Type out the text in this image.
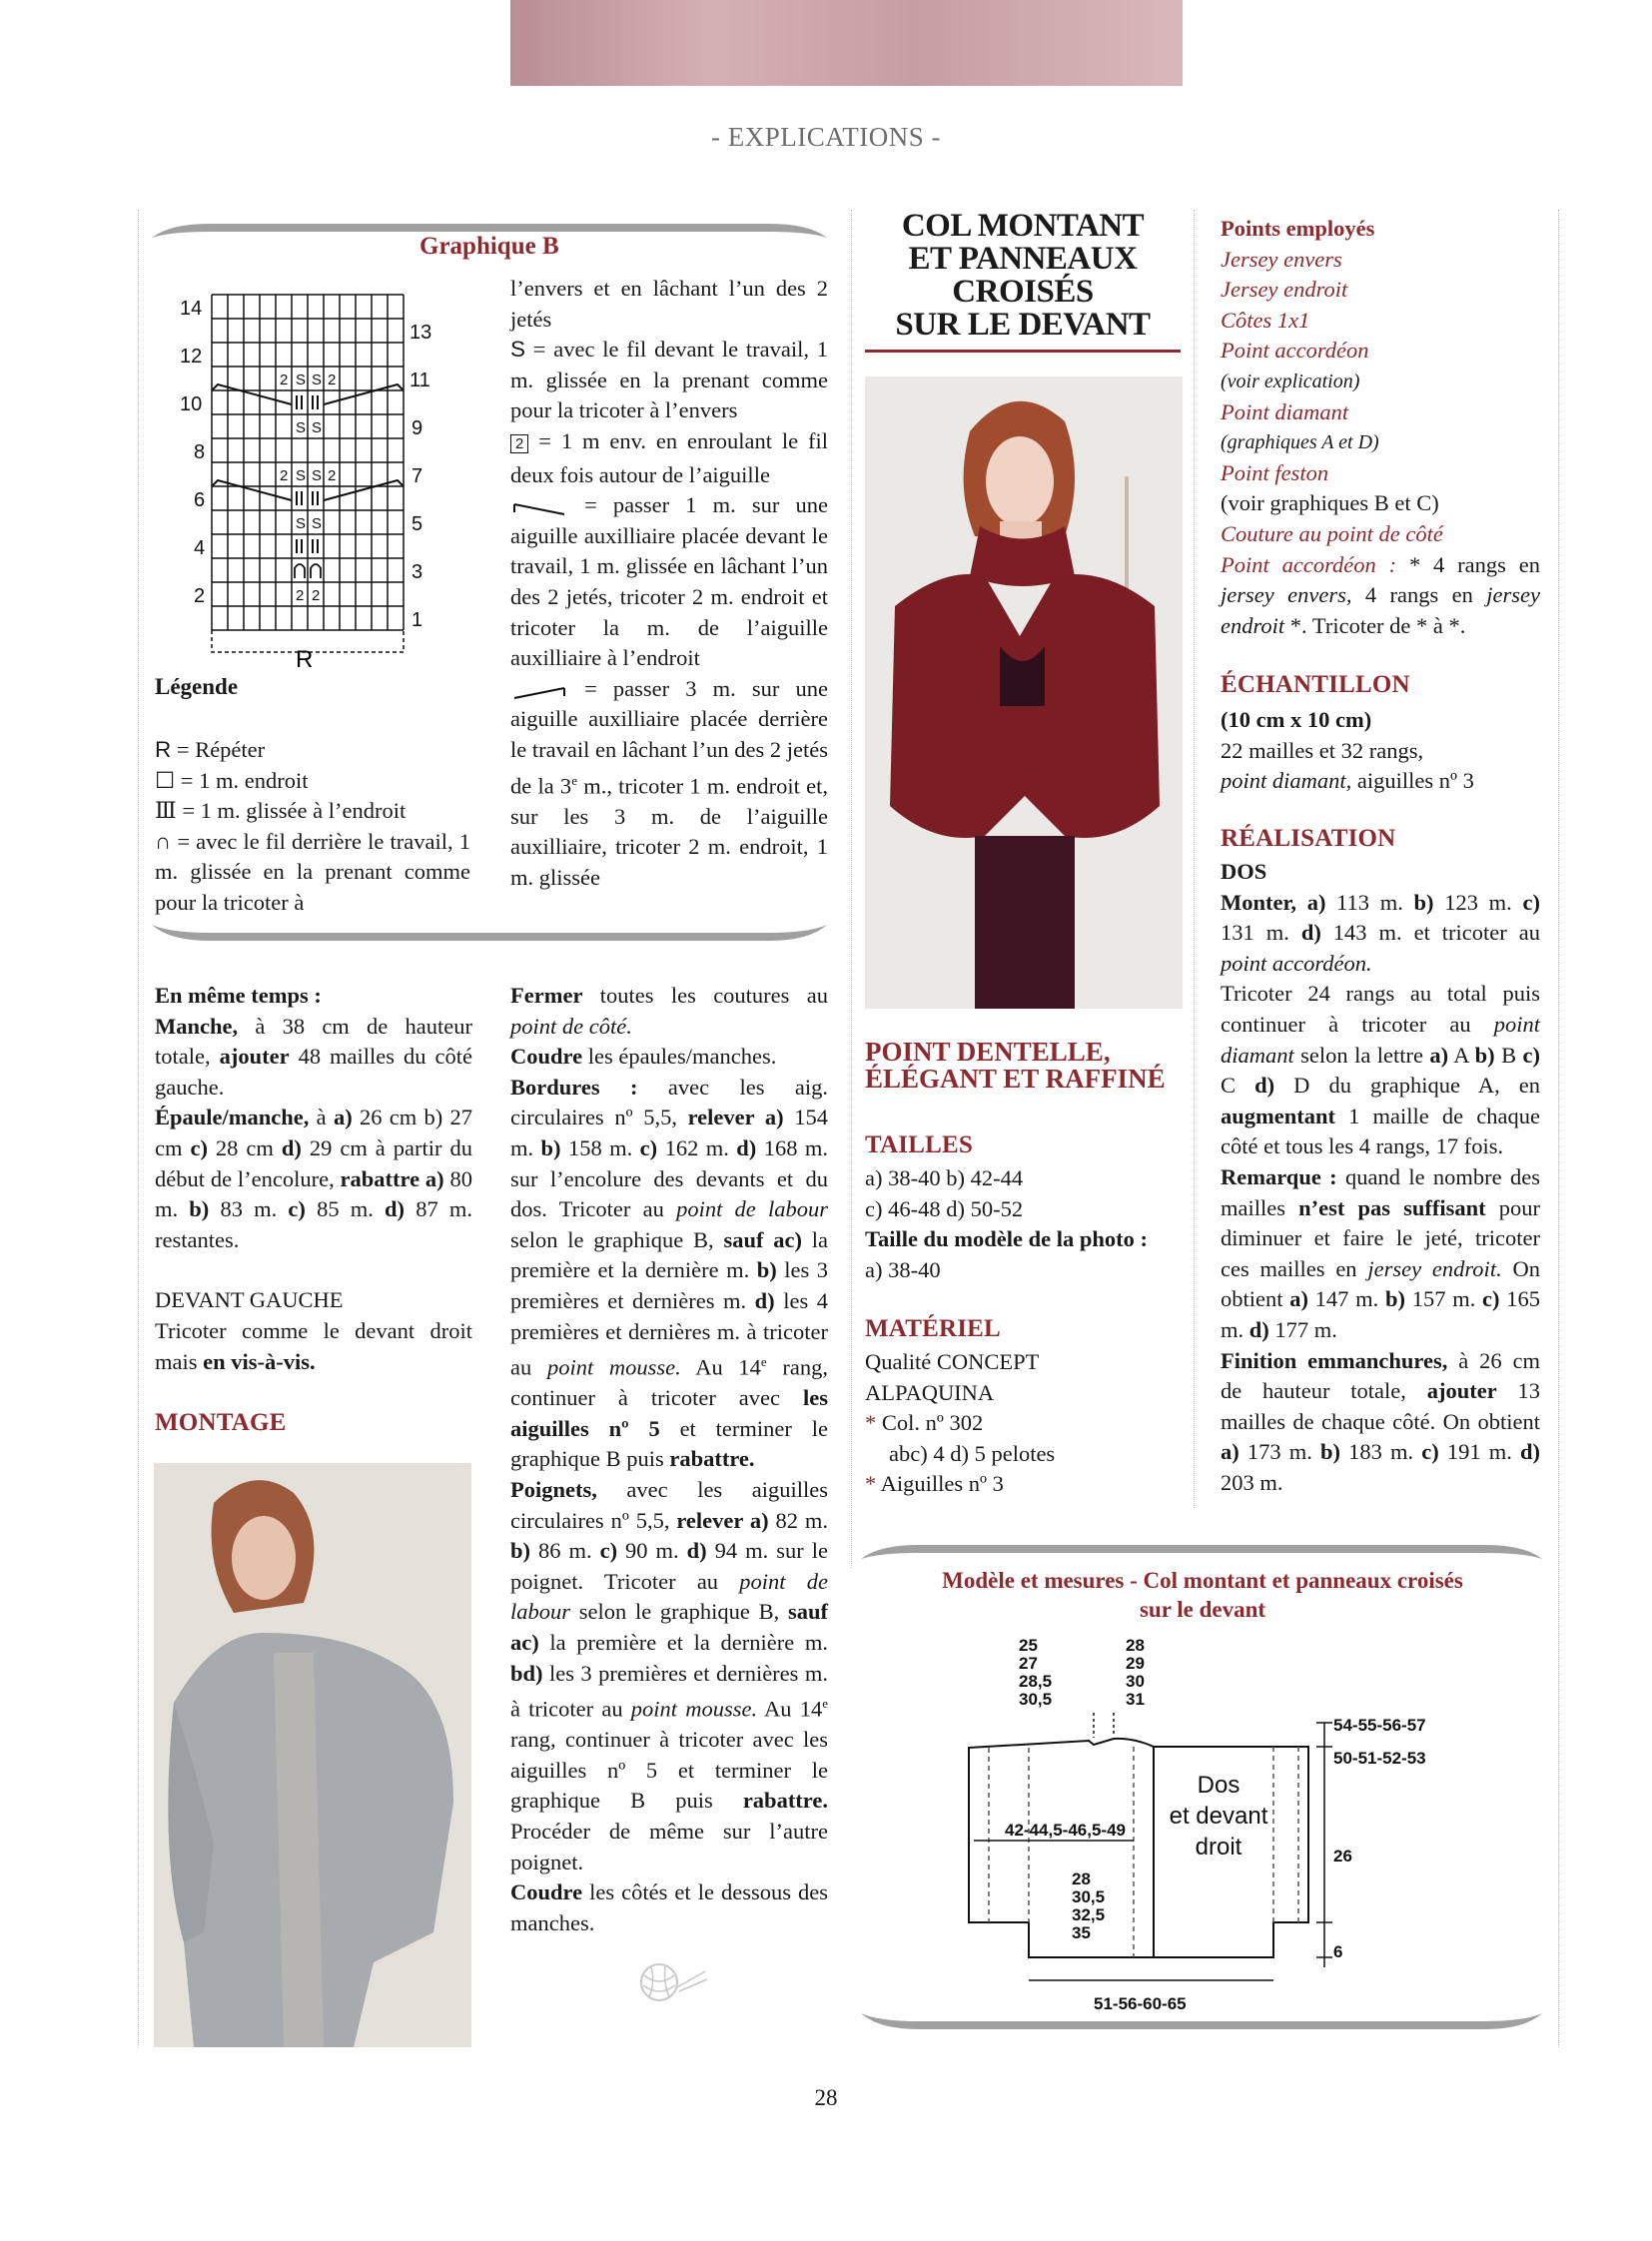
- EXPLICATIONS -
Graphique B
2 S S 2
S S
2 S S 2
S S
2 2
14
12
10
8
6
4
2
13
11
9
7
5
3
1
R
Légende

R = Répéter

☐ = 1 m. endroit

Ⅲ = 1 m. glissée à l’endroit

∩ = avec le fil derrière le travail, 1 m. glissée en la prenant comme pour la tricoter à

l’envers et en lâchant l’un des 2 jetés

S = avec le fil devant le travail, 1 m. glissée en la prenant comme pour la tricoter à l’envers

2 = 1 m env. en enroulant le fil deux fois autour de l’aiguille

= passer 1 m. sur une aiguille auxilliaire placée devant le travail, 1 m. glissée en lâchant l’un des 2 jetés, tricoter 2 m. endroit et tricoter la m. de l’aiguille auxilliaire à l’endroit

= passer 3 m. sur une aiguille auxilliaire placée derrière le travail en lâchant l’un des 2 jetés de la 3e m., tricoter 1 m. endroit et, sur les 3 m. de l’aiguille auxilliaire, tricoter 2 m. endroit, 1 m. glissée

En même temps :

Manche, à 38 cm de hauteur totale, ajouter 48 mailles du côté gauche.

Épaule/manche, à a) 26 cm b) 27 cm c) 28 cm d) 29 cm à partir du début de l’encolure, rabattre a) 80 m. b) 83 m. c) 85 m. d) 87 m. restantes.

DEVANT GAUCHE

Tricoter comme le devant droit mais en vis-à-vis.

MONTAGE

Fermer toutes les coutures au point de côté.

Coudre les épaules/manches.

Bordures : avec les aig. circulaires nº 5,5, relever a) 154 m. b) 158 m. c) 162 m. d) 168 m. sur l’encolure des devants et du dos. Tricoter au point de labour selon le graphique B, sauf ac) la première et la dernière m. b) les 3 premières et dernières m. d) les 4 premières et dernières m. à tricoter au point mousse. Au 14e rang, continuer à tricoter avec les aiguilles nº 5 et terminer le graphique B puis rabattre.

Poignets, avec les aiguilles circulaires nº 5,5, relever a) 82 m. b) 86 m. c) 90 m. d) 94 m. sur le poignet. Tricoter au point de labour selon le graphique B, sauf ac) la première et la dernière m. bd) les 3 premières et dernières m. à tricoter au point mousse. Au 14e rang, continuer à tricoter avec les aiguilles nº 5 et terminer le graphique B puis rabattre. Procéder de même sur l’autre poignet.

Coudre les côtés et le dessous des manches.

COL MONTANT
ET PANNEAUX
CROISÉS
SUR LE DEVANT
POINT DENTELLE,
ÉLÉGANT ET RAFFINÉ
TAILLES

a) 38-40 b) 42-44

c) 46-48 d) 50-52

Taille du modèle de la photo :

a) 38-40

MATÉRIEL

Qualité CONCEPT

ALPAQUINA

* Col. nº 302

abc) 4 d) 5 pelotes

* Aiguilles nº 3

Points employés

Jersey envers

Jersey endroit

Côtes 1x1

Point accordéon

(voir explication)

Point diamant

(graphiques A et D)

Point feston

(voir graphiques B et C)

Couture au point de côté

Point accordéon : * 4 rangs en jersey envers, 4 rangs en jersey endroit *. Tricoter de * à *.

ÉCHANTILLON

(10 cm x 10 cm)

22 mailles et 32 rangs,

point diamant, aiguilles nº 3

RÉALISATION

DOS

Monter, a) 113 m. b) 123 m. c) 131 m. d) 143 m. et tricoter au point accordéon.

Tricoter 24 rangs au total puis continuer à tricoter au point diamant selon la lettre a) A b) B c) C d) D du graphique A, en augmentant 1 maille de chaque côté et tous les 4 rangs, 17 fois.

Remarque : quand le nombre des mailles n’est pas suffisant pour diminuer et faire le jeté, tricoter ces mailles en jersey endroit. On obtient a) 147 m. b) 157 m. c) 165 m. d) 177 m.

Finition emmanchures, à 26 cm de hauteur totale, ajouter 13 mailles de chaque côté. On obtient a) 173 m. b) 183 m. c) 191 m. d) 203 m.

Modèle et mesures - Col montant et panneaux croisés
sur le devant
25
27
28,5
30,5
28
29
30
31
54-55-56-57
50-51-52-53
26
6
42-44,5-46,5-49
28
30,5
32,5
35
51-56-60-65
Dos
et devant
droit
28
